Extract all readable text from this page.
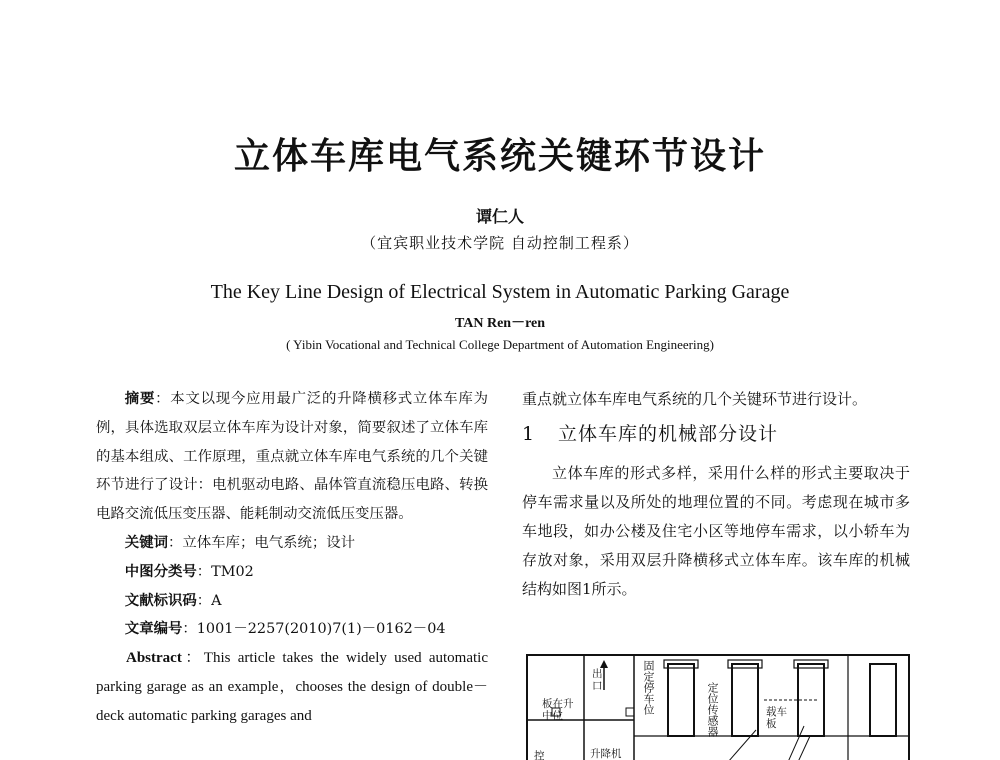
立体车库电气系统关键环节设计
谭仁人
（宜宾职业技术学院 自动控制工程系）
The Key Line Design of Electrical System in Automatic Parking Garage
TAN Ren－ren
( Yibin Vocational and Technical College Department of Automation Engineering)

摘要：本文以现今应用最广泛的升降横移式立体车库为例，具体选取双层立体车库为设计对象，简要叙述了立体车库的基本组成、工作原理，重点就立体车库电气系统的几个关键环节进行了设计：电机驱动电路、晶体管直流稳压电路、转换电路交流低压变压器、能耗制动交流低压变压器。

关键词：立体车库；电气系统；设计

中图分类号：TM02

文献标识码：A

文章编号：1001－2257(2010)7(1)－0162－04

Abstract：This article takes the widely used automatic parking garage as an example，chooses the design of double－deck automatic parking garages and

重点就立体车库电气系统的几个关键环节进行设计。

1 立体车库的机械部分设计

立体车库的形式多样，采用什么样的形式主要取决于停车需求量以及所处的地理位置的不同。考虑现在城市多车地段，如办公楼及住宅小区等地停车需求，以小轿车为存放对象，采用双层升降横移式立体车库。该车库的机械结构如图1所示。

出口	固定停车位	定位传感器	载车板
板在升中位
升降机
控
